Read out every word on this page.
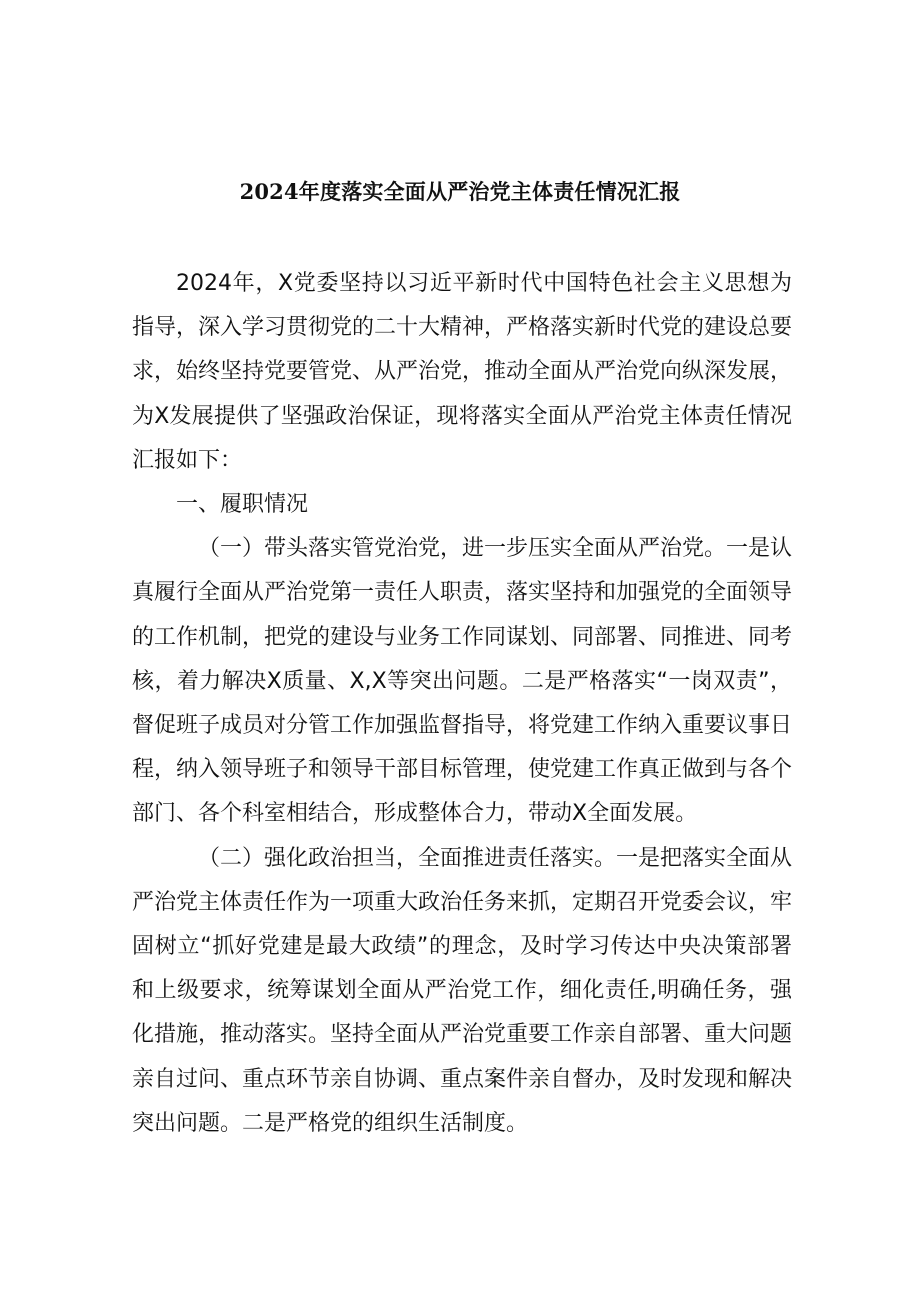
2024年度落实全面从严治党主体责任情况汇报

2024年，X党委坚持以习近平新时代中国特色社会主义思想为指导，深入学习贯彻党的二十大精神，严格落实新时代党的建设总要求，始终坚持党要管党、从严治党，推动全面从严治党向纵深发展，为X发展提供了坚强政治保证，现将落实全面从严治党主体责任情况汇报如下：

一、履职情况

（一）带头落实管党治党，进一步压实全面从严治党。一是认真履行全面从严治党第一责任人职责，落实坚持和加强党的全面领导的工作机制，把党的建设与业务工作同谋划、同部署、同推进、同考核，着力解决X质量、X,X等突出问题。二是严格落实“一岗双责”，督促班子成员对分管工作加强监督指导，将党建工作纳入重要议事日程，纳入领导班子和领导干部目标管理，使党建工作真正做到与各个部门、各个科室相结合，形成整体合力，带动X全面发展。

（二）强化政治担当，全面推进责任落实。一是把落实全面从严治党主体责任作为一项重大政治任务来抓，定期召开党委会议，牢固树立“抓好党建是最大政绩”的理念，及时学习传达中央决策部署和上级要求，统筹谋划全面从严治党工作，细化责任,明确任务，强化措施，推动落实。坚持全面从严治党重要工作亲自部署、重大问题亲自过问、重点环节亲自协调、重点案件亲自督办，及时发现和解决突出问题。二是严格党的组织生活制度。
